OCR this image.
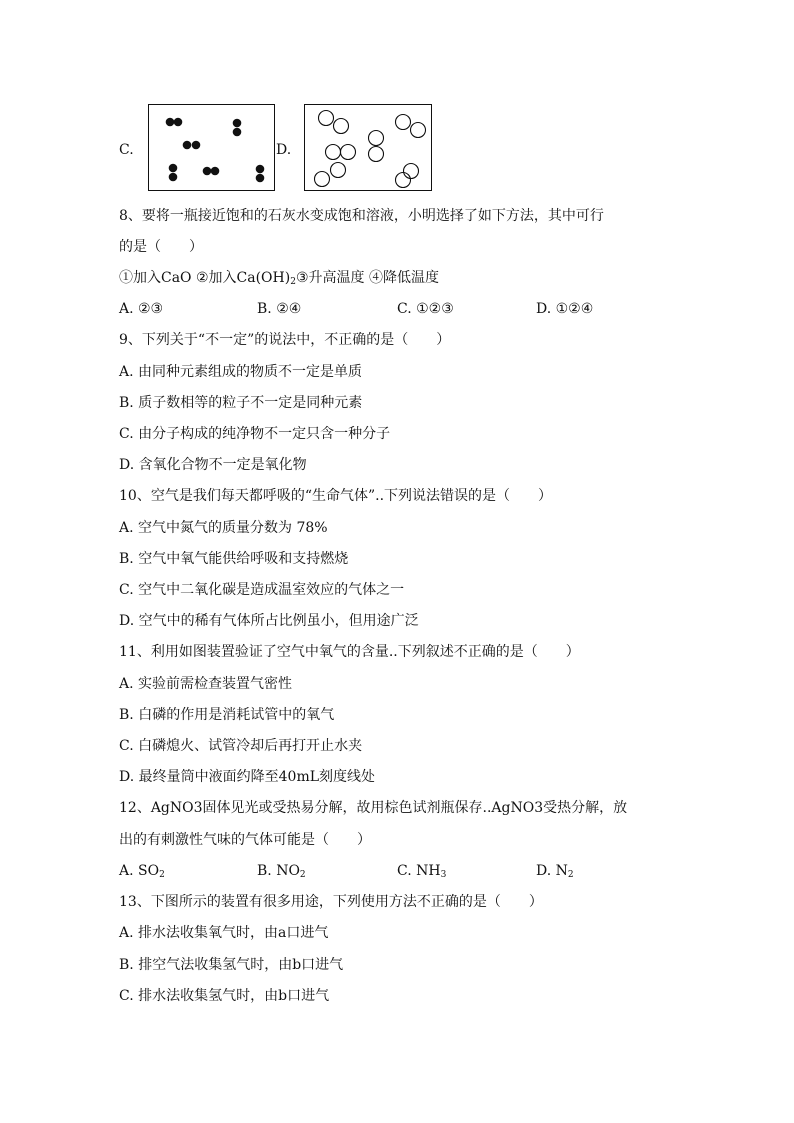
C.	D.
8、要将一瓶接近饱和的石灰水变成饱和溶液，小明选择了如下方法，其中可行
的是（　　）
①加入CaO ②加入$Ca(OH)_2③$升高温度 ④降低温度
A. ②③	B. ②④	C. ①②③	D. ①②④
9、下列关于“不一定”的说法中，不正确的是（　　）
A. 由同种元素组成的物质不一定是单质
B. 质子数相等的粒子不一定是同种元素
C. 由分子构成的纯净物不一定只含一种分子
D. 含氧化合物不一定是氧化物
10、空气是我们每天都呼吸的“生命气体”..下列说法错误的是（　　）
A. 空气中氮气的质量分数为 78%
B. 空气中氧气能供给呼吸和支持燃烧
C. 空气中二氧化碳是造成温室效应的气体之一
D. 空气中的稀有气体所占比例虽小，但用途广泛
11、利用如图装置验证了空气中氧气的含量..下列叙述不正确的是（　　）
A. 实验前需检查装置气密性
B. 白磷的作用是消耗试管中的氧气
C. 白磷熄火、试管冷却后再打开止水夹
D. 最终量筒中液面约降至40mL刻度线处
12、AgNO3固体见光或受热易分解，故用棕色试剂瓶保存..AgNO3受热分解，放
出的有刺激性气味的气体可能是（　　）
A. $SO_2$	B. $NO_2$	C. $NH_3$	D. $N_2$
13、下图所示的装置有很多用途，下列使用方法不正确的是（　　）
A. 排水法收集氧气时，由a口进气
B. 排空气法收集氢气时，由b口进气
C. 排水法收集氢气时，由b口进气
